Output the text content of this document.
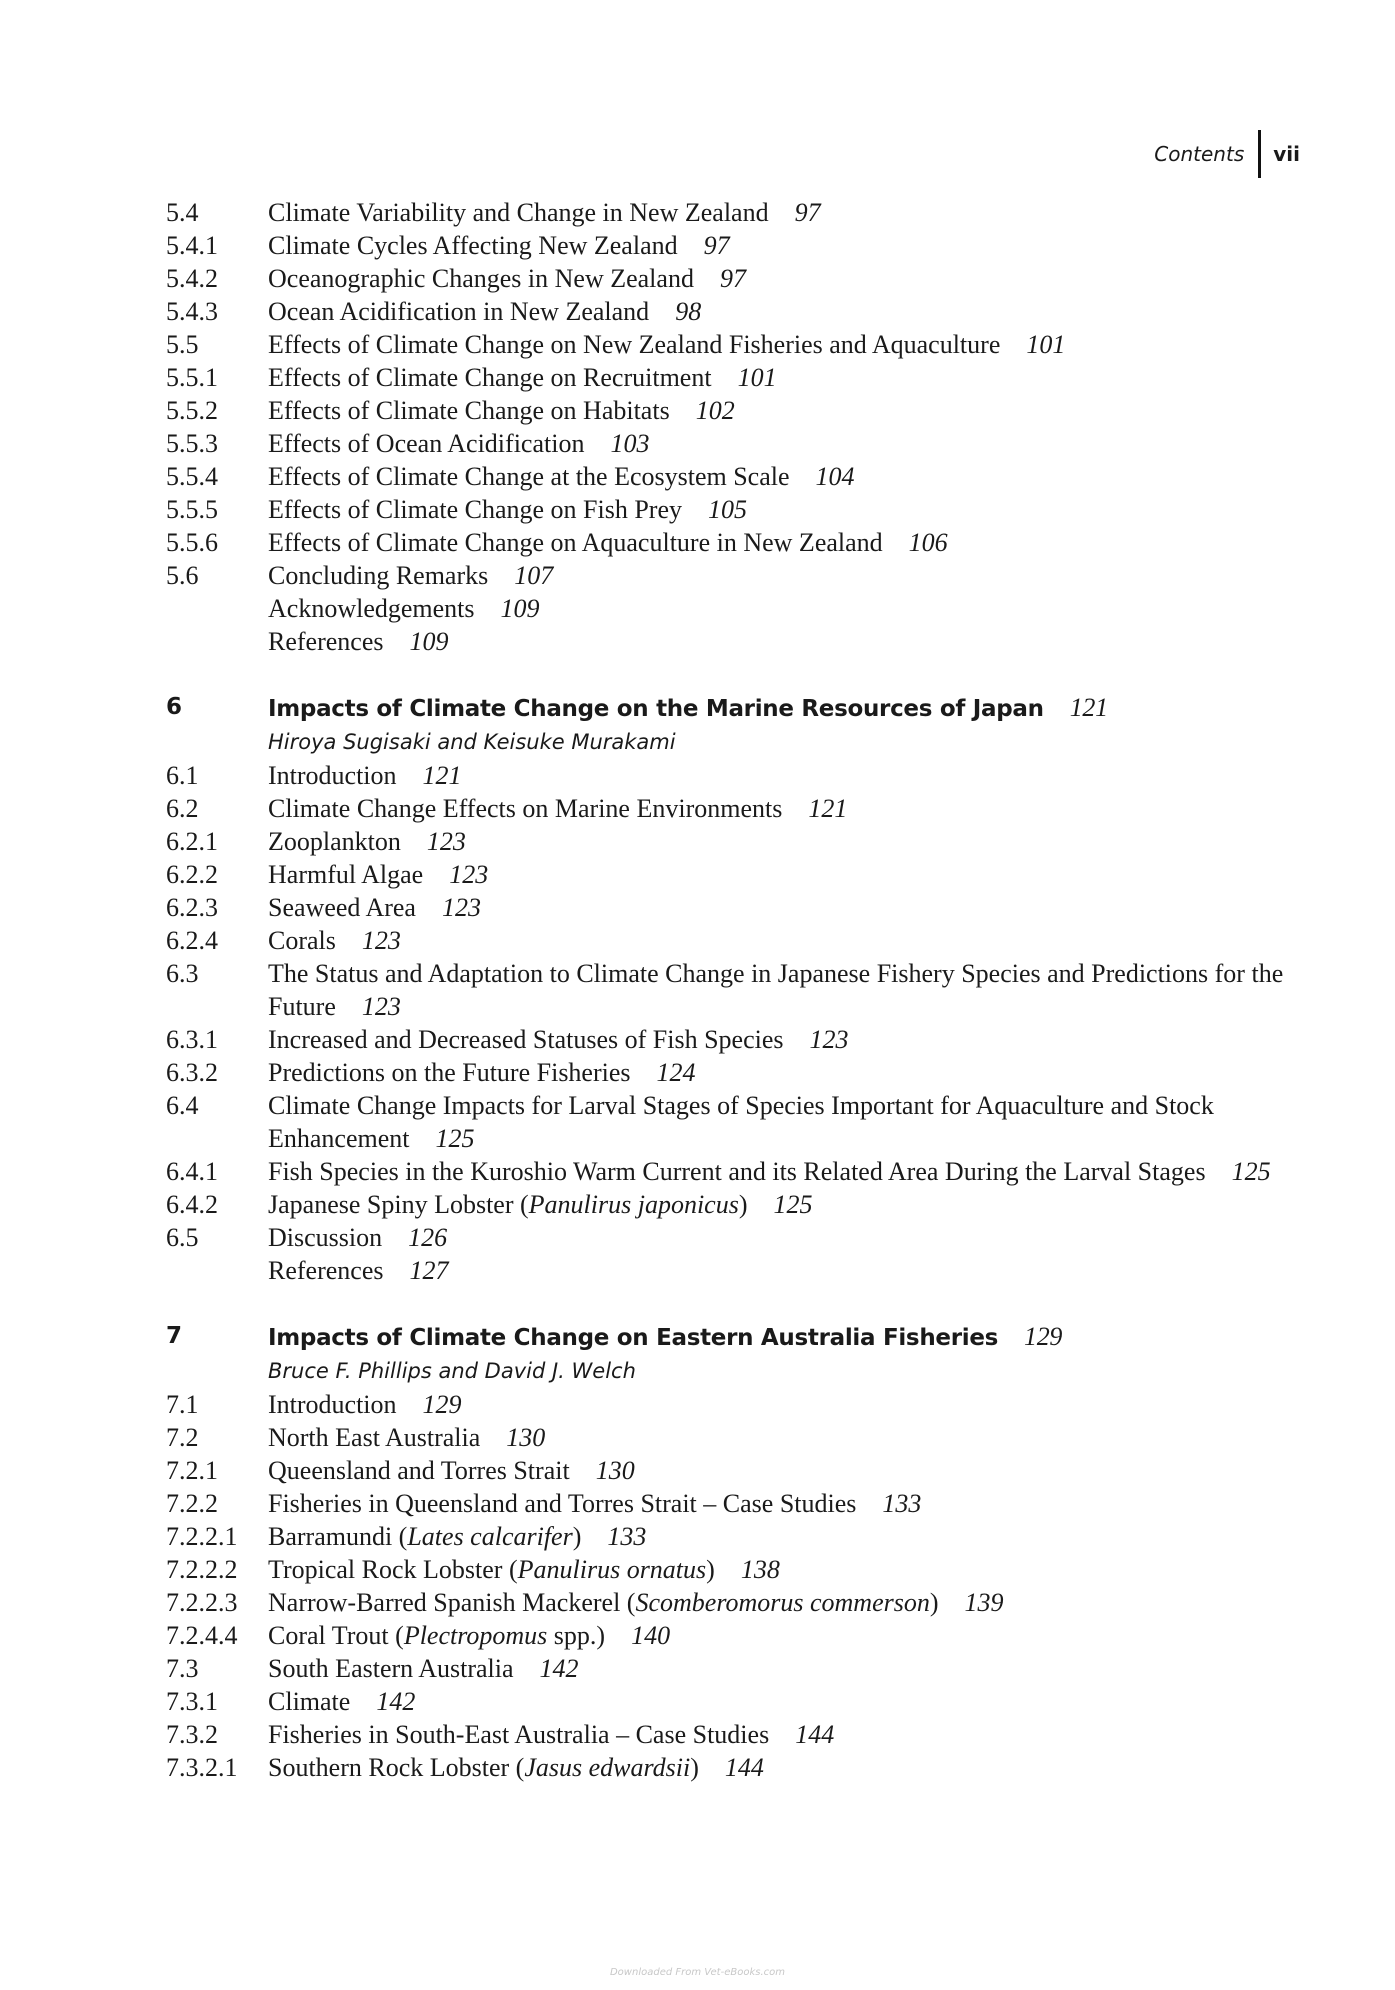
Contents	vii
5.4	Climate Variability and Change in New Zealand 97
5.4.1	Climate Cycles Affecting New Zealand 97
5.4.2	Oceanographic Changes in New Zealand 97
5.4.3	Ocean Acidification in New Zealand 98
5.5	Effects of Climate Change on New Zealand Fisheries and Aquaculture 101
5.5.1	Effects of Climate Change on Recruitment 101
5.5.2	Effects of Climate Change on Habitats 102
5.5.3	Effects of Ocean Acidification 103
5.5.4	Effects of Climate Change at the Ecosystem Scale 104
5.5.5	Effects of Climate Change on Fish Prey 105
5.5.6	Effects of Climate Change on Aquaculture in New Zealand 106
5.6	Concluding Remarks 107
Acknowledgements 109
References 109
6	Impacts of Climate Change on the Marine Resources of Japan 121
Hiroya Sugisaki and Keisuke Murakami
6.1	Introduction 121
6.2	Climate Change Effects on Marine Environments 121
6.2.1	Zooplankton 123
6.2.2	Harmful Algae 123
6.2.3	Seaweed Area 123
6.2.4	Corals 123
6.3	The Status and Adaptation to Climate Change in Japanese Fishery Species and Predictions for the Future 123
6.3.1	Increased and Decreased Statuses of Fish Species 123
6.3.2	Predictions on the Future Fisheries 124
6.4	Climate Change Impacts for Larval Stages of Species Important for Aquaculture and Stock Enhancement 125
6.4.1	Fish Species in the Kuroshio Warm Current and its Related Area During the Larval Stages 125
6.4.2	Japanese Spiny Lobster (Panulirus japonicus) 125
6.5	Discussion 126
References 127
7	Impacts of Climate Change on Eastern Australia Fisheries 129
Bruce F. Phillips and David J. Welch
7.1	Introduction 129
7.2	North East Australia 130
7.2.1	Queensland and Torres Strait 130
7.2.2	Fisheries in Queensland and Torres Strait – Case Studies 133
7.2.2.1	Barramundi (Lates calcarifer) 133
7.2.2.2	Tropical Rock Lobster (Panulirus ornatus) 138
7.2.2.3	Narrow-Barred Spanish Mackerel (Scomberomorus commerson) 139
7.2.4.4	Coral Trout (Plectropomus spp.) 140
7.3	South Eastern Australia 142
7.3.1	Climate 142
7.3.2	Fisheries in South-East Australia – Case Studies 144
7.3.2.1	Southern Rock Lobster (Jasus edwardsii) 144
Downloaded From Vet-eBooks.com
